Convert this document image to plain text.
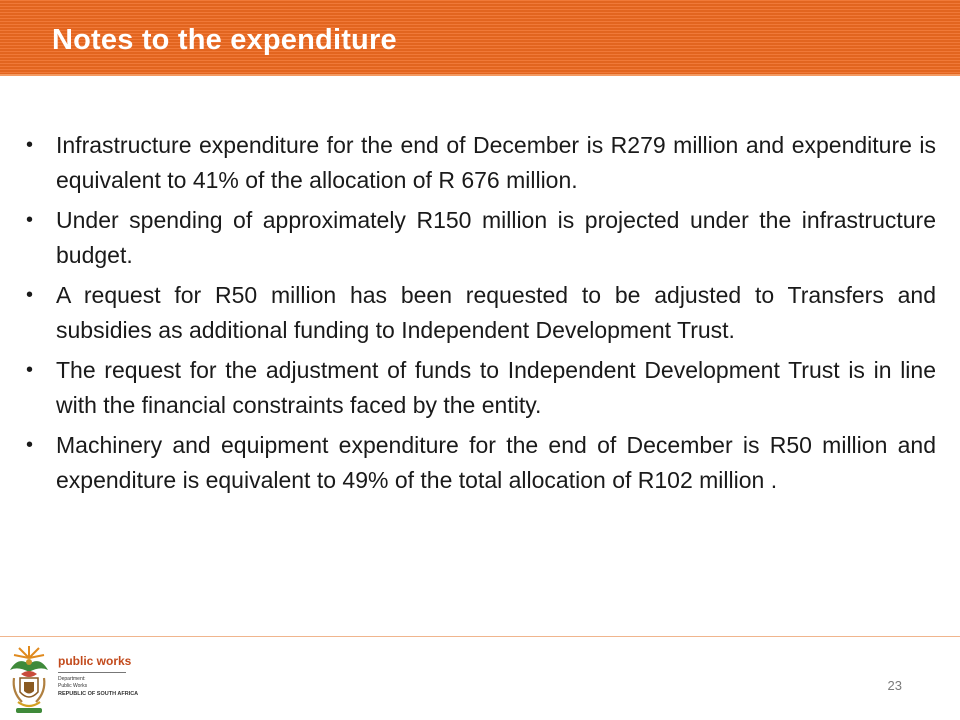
Notes to the expenditure
• Infrastructure expenditure for the end of December is R279 million and expenditure is equivalent to 41% of the allocation of R 676 million.
• Under spending of approximately R150 million is projected under the infrastructure budget.
• A request for R50 million has been requested to be adjusted to Transfers and subsidies as additional funding to Independent Development Trust.
• The request for the adjustment of funds to Independent Development Trust is in line with the financial constraints faced by the entity.
• Machinery and equipment expenditure for the end of December is R50 million and expenditure is equivalent to 49% of the total allocation of R102 million .
public works
Department:
Public Works
REPUBLIC OF SOUTH AFRICA
23
